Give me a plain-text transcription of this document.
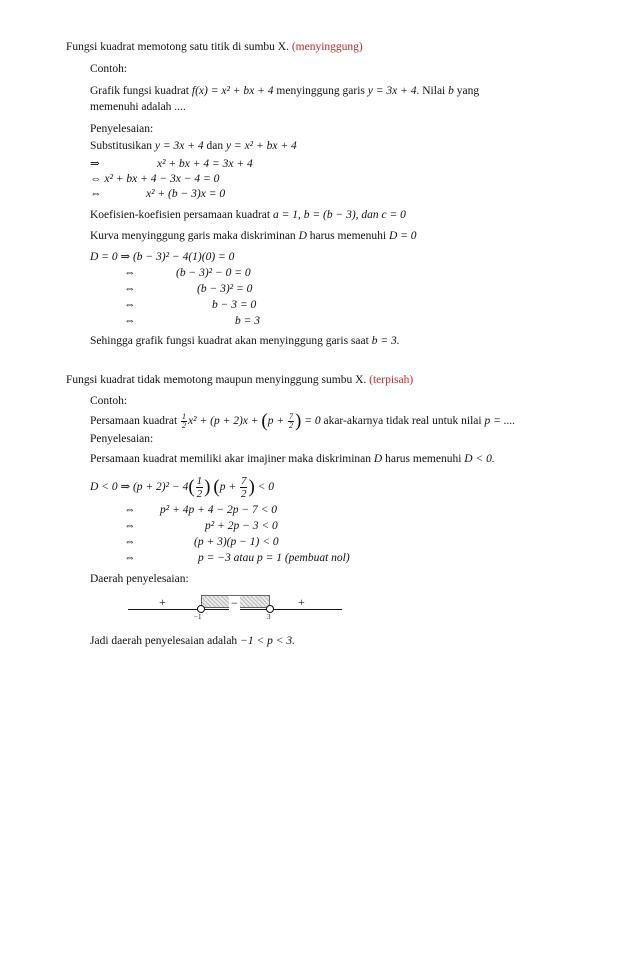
Fungsi kuadrat memotong satu titik di sumbu X. (menyinggung)
Contoh:
Grafik fungsi kuadrat f(x) = x² + bx + 4 menyinggung garis y = 3x + 4. Nilai b yang
memenuhi adalah ....
Penyelesaian:
Substitusikan y = 3x + 4 dan y = x² + bx + 4
⇒	x² + bx + 4 = 3x + 4
⇔ x² + bx + 4 − 3x − 4 = 0
⇔	x² + (b − 3)x = 0
Koefisien-koefisien persamaan kuadrat a = 1, b = (b − 3), dan c = 0
Kurva menyinggung garis maka diskriminan D harus memenuhi D = 0
D = 0 ⇒ (b − 3)² − 4(1)(0) = 0
⇔	(b − 3)² − 0 = 0
⇔	(b − 3)² = 0
⇔	b − 3 = 0
⇔	b = 3
Sehingga grafik fungsi kuadrat akan menyinggung garis saat b = 3.
Fungsi kuadrat tidak memotong maupun menyinggung sumbu X. (terpisah)
Contoh:
Persamaan kuadrat $\frac{1}{2} x^2 + (p + 2)x + (p + \frac{7}{2}$ ) = 0 akar-akarnya tidak real untuk nilai p = ....
Penyelesaian:
Persamaan kuadrat memiliki akar imajiner maka diskriminan D harus memenuhi D < 0.
D < 0 ⇒ $(p + 2)^2 - 4( \frac{1}{2}$ ) ($p + \frac{7}{2}$ ) < 0
⇔ p² + 4p + 4 − 2p − 7 < 0
⇔	p² + 2p − 3 < 0
⇔	(p + 3)(p − 1) < 0
⇔	p = −3 atau p = 1 (pembuat nol)
Daerah penyelesaian:
+	−	+
−1	3
Jadi daerah penyelesaian adalah −1 < p < 3.
